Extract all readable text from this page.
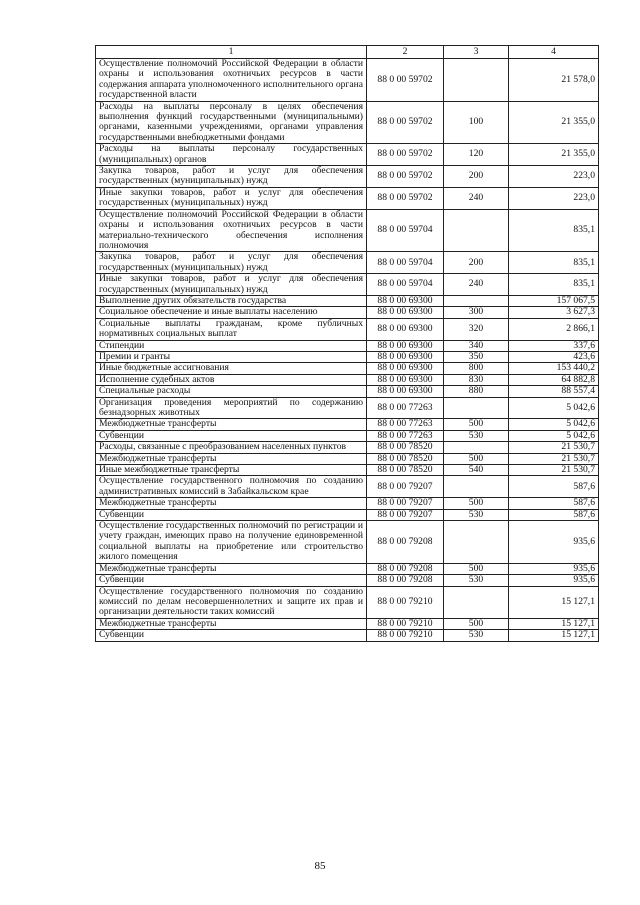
1	2	3	4
Осуществление полномочий Российской Федерации в области охраны и использования охотничьих ресурсов в части содержания аппарата уполномоченного исполнительного органа государственной власти	88 0 00 59702		21 578,0
Расходы на выплаты персоналу в целях обеспечения выполнения функций государственными (муниципальными) органами, казенными учреждениями, органами управления государственными внебюджетными фондами	88 0 00 59702	100	21 355,0
Расходы на выплаты персоналу государственных (муниципальных) органов	88 0 00 59702	120	21 355,0
Закупка товаров, работ и услуг для обеспечения государственных (муниципальных) нужд	88 0 00 59702	200	223,0
Иные закупки товаров, работ и услуг для обеспечения государственных (муниципальных) нужд	88 0 00 59702	240	223,0
Осуществление полномочий Российской Федерации в области охраны и использования охотничьих ресурсов в части материально-технического обеспечения исполнения полномочия	88 0 00 59704		835,1
Закупка товаров, работ и услуг для обеспечения государственных (муниципальных) нужд	88 0 00 59704	200	835,1
Иные закупки товаров, работ и услуг для обеспечения государственных (муниципальных) нужд	88 0 00 59704	240	835,1
Выполнение других обязательств государства	88 0 00 69300		157 067,5
Социальное обеспечение и иные выплаты населению	88 0 00 69300	300	3 627,3
Социальные выплаты гражданам, кроме публичных нормативных социальных выплат	88 0 00 69300	320	2 866,1
Стипендии	88 0 00 69300	340	337,6
Премии и гранты	88 0 00 69300	350	423,6
Иные бюджетные ассигнования	88 0 00 69300	800	153 440,2
Исполнение судебных актов	88 0 00 69300	830	64 882,8
Специальные расходы	88 0 00 69300	880	88 557,4
Организация проведения мероприятий по содержанию безнадзорных животных	88 0 00 77263		5 042,6
Межбюджетные трансферты	88 0 00 77263	500	5 042,6
Субвенции	88 0 00 77263	530	5 042,6
Расходы, связанные с преобразованием населенных пунктов	88 0 00 78520		21 530,7
Межбюджетные трансферты	88 0 00 78520	500	21 530,7
Иные межбюджетные трансферты	88 0 00 78520	540	21 530,7
Осуществление государственного полномочия по созданию административных комиссий в Забайкальском крае	88 0 00 79207		587,6
Межбюджетные трансферты	88 0 00 79207	500	587,6
Субвенции	88 0 00 79207	530	587,6
Осуществление государственных полномочий по регистрации и учету граждан, имеющих право на получение единовременной социальной выплаты на приобретение или строительство жилого помещения	88 0 00 79208		935,6
Межбюджетные трансферты	88 0 00 79208	500	935,6
Субвенции	88 0 00 79208	530	935,6
Осуществление государственного полномочия по созданию комиссий по делам несовершеннолетних и защите их прав и организации деятельности таких комиссий	88 0 00 79210		15 127,1
Межбюджетные трансферты	88 0 00 79210	500	15 127,1
Субвенции	88 0 00 79210	530	15 127,1
85
